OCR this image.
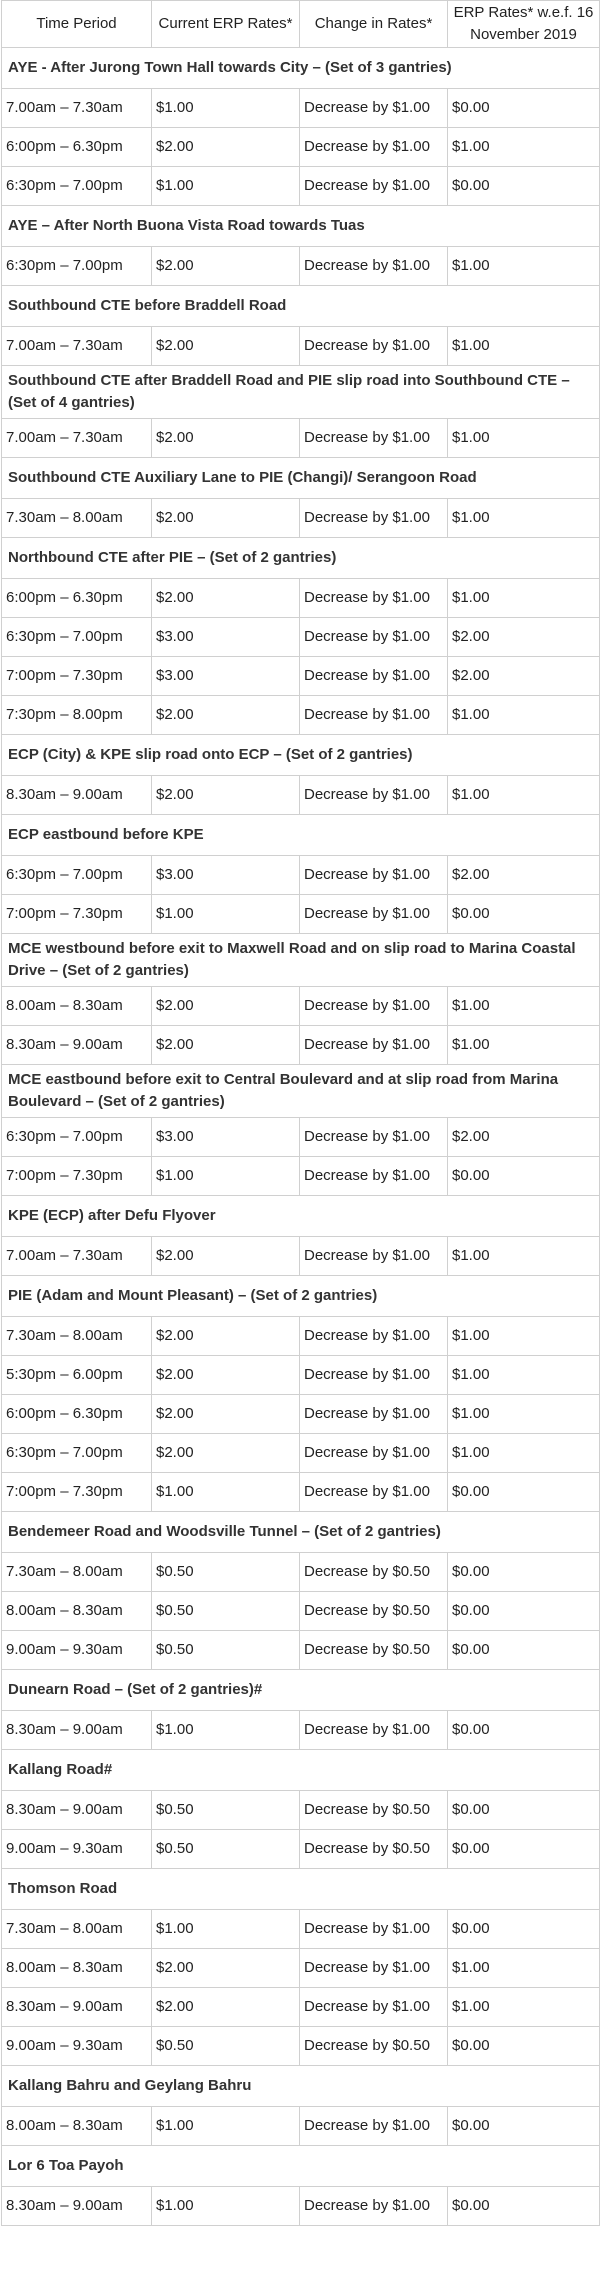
Time Period	Current ERP Rates*	Change in Rates*	ERP Rates* w.e.f. 16 November 2019
AYE - After Jurong Town Hall towards City – (Set of 3 gantries)			
7.00am – 7.30am	$1.00	Decrease by $1.00	$0.00
6:00pm – 6.30pm	$2.00	Decrease by $1.00	$1.00
6:30pm – 7.00pm	$1.00	Decrease by $1.00	$0.00
AYE – After North Buona Vista Road towards Tuas			
6:30pm – 7.00pm	$2.00	Decrease by $1.00	$1.00
Southbound CTE before Braddell Road			
7.00am – 7.30am	$2.00	Decrease by $1.00	$1.00
Southbound CTE after Braddell Road and PIE slip road into Southbound CTE – (Set of 4 gantries)			
7.00am – 7.30am	$2.00	Decrease by $1.00	$1.00
Southbound CTE Auxiliary Lane to PIE (Changi)/ Serangoon Road			
7.30am – 8.00am	$2.00	Decrease by $1.00	$1.00
Northbound CTE after PIE – (Set of 2 gantries)			
6:00pm – 6.30pm	$2.00	Decrease by $1.00	$1.00
6:30pm – 7.00pm	$3.00	Decrease by $1.00	$2.00
7:00pm – 7.30pm	$3.00	Decrease by $1.00	$2.00
7:30pm – 8.00pm	$2.00	Decrease by $1.00	$1.00
ECP (City) & KPE slip road onto ECP – (Set of 2 gantries)			
8.30am – 9.00am	$2.00	Decrease by $1.00	$1.00
ECP eastbound before KPE			
6:30pm – 7.00pm	$3.00	Decrease by $1.00	$2.00
7:00pm – 7.30pm	$1.00	Decrease by $1.00	$0.00
MCE westbound before exit to Maxwell Road and on slip road to Marina Coastal Drive – (Set of 2 gantries)			
8.00am – 8.30am	$2.00	Decrease by $1.00	$1.00
8.30am – 9.00am	$2.00	Decrease by $1.00	$1.00
MCE eastbound before exit to Central Boulevard and at slip road from Marina Boulevard – (Set of 2 gantries)			
6:30pm – 7.00pm	$3.00	Decrease by $1.00	$2.00
7:00pm – 7.30pm	$1.00	Decrease by $1.00	$0.00
KPE (ECP) after Defu Flyover			
7.00am – 7.30am	$2.00	Decrease by $1.00	$1.00
PIE (Adam and Mount Pleasant) – (Set of 2 gantries)			
7.30am – 8.00am	$2.00	Decrease by $1.00	$1.00
5:30pm – 6.00pm	$2.00	Decrease by $1.00	$1.00
6:00pm – 6.30pm	$2.00	Decrease by $1.00	$1.00
6:30pm – 7.00pm	$2.00	Decrease by $1.00	$1.00
7:00pm – 7.30pm	$1.00	Decrease by $1.00	$0.00
Bendemeer Road and Woodsville Tunnel – (Set of 2 gantries)			
7.30am – 8.00am	$0.50	Decrease by $0.50	$0.00
8.00am – 8.30am	$0.50	Decrease by $0.50	$0.00
9.00am – 9.30am	$0.50	Decrease by $0.50	$0.00
Dunearn Road – (Set of 2 gantries)#			
8.30am – 9.00am	$1.00	Decrease by $1.00	$0.00
Kallang Road#			
8.30am – 9.00am	$0.50	Decrease by $0.50	$0.00
9.00am – 9.30am	$0.50	Decrease by $0.50	$0.00
Thomson Road			
7.30am – 8.00am	$1.00	Decrease by $1.00	$0.00
8.00am – 8.30am	$2.00	Decrease by $1.00	$1.00
8.30am – 9.00am	$2.00	Decrease by $1.00	$1.00
9.00am – 9.30am	$0.50	Decrease by $0.50	$0.00
Kallang Bahru and Geylang Bahru			
8.00am – 8.30am	$1.00	Decrease by $1.00	$0.00
Lor 6 Toa Payoh			
8.30am – 9.00am	$1.00	Decrease by $1.00	$0.00
